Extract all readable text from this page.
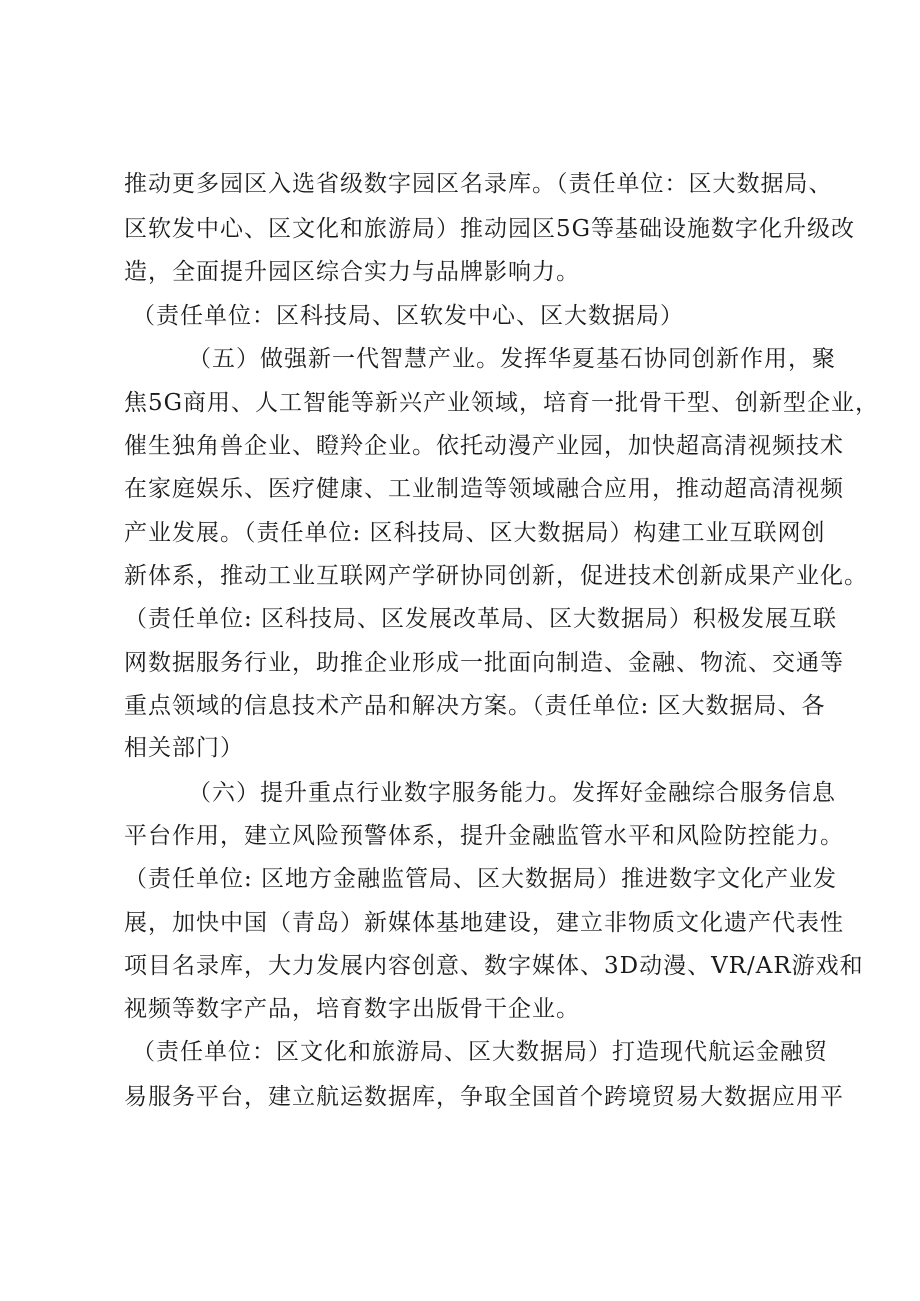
推动更多园区入选省级数字园区名录库。（责任单位：区大数据局、
区软发中心、区文化和旅游局）推动园区5G等基础设施数字化升级改
造，全面提升园区综合实力与品牌影响力。
（责任单位：区科技局、区软发中心、区大数据局）
（五）做强新一代智慧产业。发挥华夏基石协同创新作用，聚
焦5G商用、人工智能等新兴产业领域，培育一批骨干型、创新型企业，
催生独角兽企业、瞪羚企业。依托动漫产业园，加快超高清视频技术
在家庭娱乐、医疗健康、工业制造等领域融合应用，推动超高清视频
产业发展。（责任单位: 区科技局、区大数据局）构建工业互联网创
新体系，推动工业互联网产学研协同创新，促进技术创新成果产业化。
（责任单位: 区科技局、区发展改革局、区大数据局）积极发展互联
网数据服务行业，助推企业形成一批面向制造、金融、物流、交通等
重点领域的信息技术产品和解决方案。（责任单位: 区大数据局、各
相关部门）
（六）提升重点行业数字服务能力。发挥好金融综合服务信息
平台作用，建立风险预警体系，提升金融监管水平和风险防控能力。
（责任单位: 区地方金融监管局、区大数据局）推进数字文化产业发
展，加快中国（青岛）新媒体基地建设，建立非物质文化遗产代表性
项目名录库，大力发展内容创意、数字媒体、3D动漫、VR/AR游戏和
视频等数字产品，培育数字出版骨干企业。
（责任单位：区文化和旅游局、区大数据局）打造现代航运金融贸
易服务平台，建立航运数据库，争取全国首个跨境贸易大数据应用平
